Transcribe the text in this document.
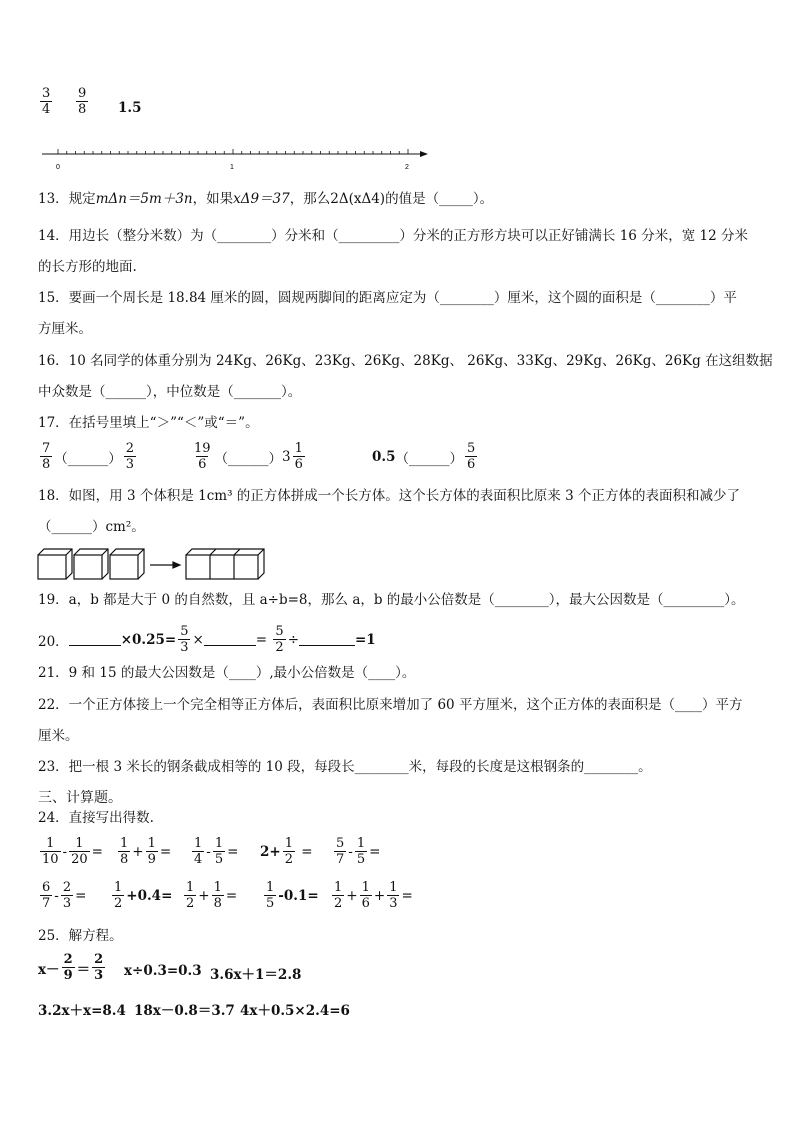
$\frac{3}{4} \frac{9}{8} 1.5$
0	1	2
13．规定mΔn＝5m＋3n，如果xΔ9＝37，那么2Δ(xΔ4)的值是（_____）。
14．用边长（整分米数）为（________）分米和（_________）分米的正方形方块可以正好铺满长 16 分米，宽 12 分米
的长方形的地面.
15．要画一个周长是 18.84 厘米的圆，圆规两脚间的距离应定为（________）厘米，这个圆的面积是（________）平
方厘米。
16．10 名同学的体重分别为 24Kg、26Kg、23Kg、26Kg、28Kg、 26Kg、33Kg、29Kg、26Kg、26Kg 在这组数据
中众数是（______），中位数是（_______）。
17．在括号里填上“＞”“＜”或“＝”。
$\frac{7}{8}$ （______） $\frac{2}{3}$	$\frac{19}{6}$ （______） $3 \frac{1}{6}$	0.5 （______） $\frac{5}{6}$
18．如图，用 3 个体积是 1cm³ 的正方体拼成一个长方体。这个长方体的表面积比原来 3 个正方体的表面积和减少了
（______）cm²。
19．a，b 都是大于 0 的自然数，且 a÷b=8，那么 a，b 的最小公倍数是（________），最大公因数是（_________）。
20．	$\times 0.25= \frac{5}{3}$ ×	=
$\frac{5}{2}$ ÷	=1
21．9 和 15 的最大公因数是（____）,最小公倍数是（____）。
22．一个正方体接上一个完全相等正方体后，表面积比原来增加了 60 平方厘米，这个正方体的表面积是（____）平方
厘米。
23．把一根 3 米长的钢条截成相等的 10 段，每段长________米，每段的长度是这根钢条的________。
三、计算题。
24．直接写出得数.
$\frac{1}{10} - \frac{1}{20} = \frac{1}{8} + \frac{1}{9} = \frac{1}{4} - \frac{1}{5} = 2+ \frac{1}{2} = \frac{5}{7} - \frac{1}{5}$ =
$\frac{6}{7} - \frac{2}{3} = \frac{1}{2} +0.4= \frac{1}{2} + \frac{1}{8} = \frac{1}{5} -0.1= \frac{1}{2} + \frac{1}{6} + \frac{1}{3}$ =
25．解方程。
$x- \frac{2}{9} = \frac{2}{3} x\div 0.3=0.3$ 3.6x＋1＝2.8
3.2x＋x=8.4 18x－0.8＝3.7 4x＋0.5×2.4=6
